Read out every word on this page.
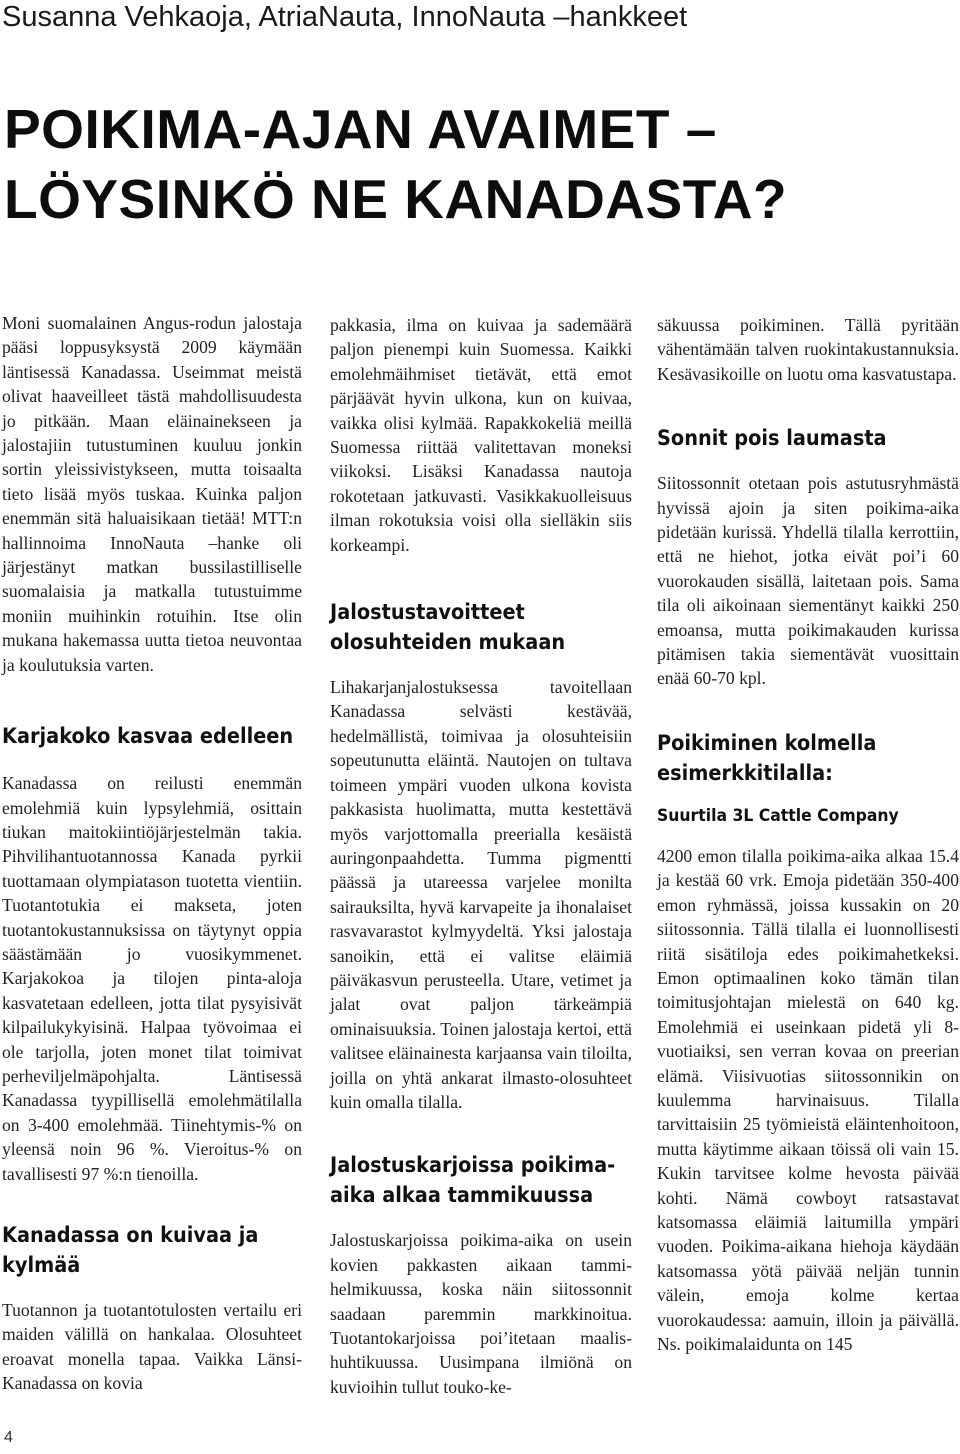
Susanna Vehkaoja, AtriaNauta, InnoNauta –hankkeet
POIKIMA-AJAN AVAIMET –
LÖYSINKÖ NE KANADASTA?

Moni suomalainen Angus-rodun jalostaja pääsi loppusyksystä 2009 käymään läntisessä Kanadassa. Useimmat meistä olivat haaveilleet tästä mahdollisuudesta jo pitkään. Maan eläinainekseen ja jalostajiin tutustuminen kuuluu jonkin sortin yleissivistykseen, mutta toisaalta tieto lisää myös tuskaa. Kuinka paljon enemmän sitä haluaisikaan tietää! MTT:n hallinnoima InnoNauta –hanke oli järjestänyt matkan bussilastilliselle suomalaisia ja matkalla tutustuimme moniin muihinkin rotuihin. Itse olin mukana hakemassa uutta tietoa neuvontaa ja koulutuksia varten.

Karjakoko kasvaa edelleen

Kanadassa on reilusti enemmän emolehmiä kuin lypsylehmiä, osittain tiukan maitokiintiöjärjestelmän takia. Pihvilihantuotannossa Kanada pyrkii tuottamaan olympiatason tuotetta vientiin. Tuotantotukia ei makseta, joten tuotantokustannuksissa on täytynyt oppia säästämään jo vuosikymmenet. Karjakokoa ja tilojen pinta-aloja kasvatetaan edelleen, jotta tilat pysyisivät kilpailukykyisinä. Halpaa työvoimaa ei ole tarjolla, joten monet tilat toimivat perheviljelmäpohjalta. Läntisessä Kanadassa tyypillisellä emolehmätilalla on 3-400 emolehmää. Tiinehtymis-% on yleensä noin 96 %. Vieroitus-% on tavallisesti 97 %:n tienoilla.

Kanadassa on kuivaa ja kylmää

Tuotannon ja tuotantotulosten vertailu eri maiden välillä on hankalaa. Olosuhteet eroavat monella tapaa. Vaikka Länsi-Kanadassa on kovia

pakkasia, ilma on kuivaa ja sademäärä paljon pienempi kuin Suomessa. Kaikki emolehmäihmiset tietävät, että emot pärjäävät hyvin ulkona, kun on kuivaa, vaikka olisi kylmää. Rapakkokeliä meillä Suomessa riittää valitettavan moneksi viikoksi. Lisäksi Kanadassa nautoja rokotetaan jatkuvasti. Vasikkakuolleisuus ilman rokotuksia voisi olla sielläkin siis korkeampi.

Jalostustavoitteet olosuhteiden mukaan

Lihakarjanjalostuksessa tavoitellaan Kanadassa selvästi kestävää, hedelmällistä, toimivaa ja olosuhteisiin sopeutunutta eläintä. Nautojen on tultava toimeen ympäri vuoden ulkona kovista pakkasista huolimatta, mutta kestettävä myös varjottomalla preerialla kesäistä auringonpaahdetta. Tumma pigmentti päässä ja utareessa varjelee monilta sairauksilta, hyvä karvapeite ja ihonalaiset rasvavarastot kylmyydeltä. Yksi jalostaja sanoikin, että ei valitse eläimiä päiväkasvun perusteella. Utare, vetimet ja jalat ovat paljon tärkeämpiä ominaisuuksia. Toinen jalostaja kertoi, että valitsee eläinainesta karjaansa vain tiloilta, joilla on yhtä ankarat ilmasto-olosuhteet kuin omalla tilalla.

Jalostuskarjoissa poikima-aika alkaa tammikuussa

Jalostuskarjoissa poikima-aika on usein kovien pakkasten aikaan tammi-helmikuussa, koska näin siitossonnit saadaan paremmin markkinoitua. Tuotantokarjoissa poi’itetaan maalis-huhtikuussa. Uusimpana ilmiönä on kuvioihin tullut touko-ke-

säkuussa poikiminen. Tällä pyritään vähentämään talven ruokintakustannuksia. Kesävasikoille on luotu oma kasvatustapa.

Sonnit pois laumasta

Siitossonnit otetaan pois astutusryhmästä hyvissä ajoin ja siten poikima-aika pidetään kurissä. Yhdellä tilalla kerrottiin, että ne hiehot, jotka eivät poi’i 60 vuorokauden sisällä, laitetaan pois. Sama tila oli aikoinaan siementänyt kaikki 250 emoansa, mutta poikimakauden kurissa pitämisen takia siementävät vuosittain enää 60-70 kpl.

Poikiminen kolmella esimerkkitilalla:
Suurtila 3L Cattle Company

4200 emon tilalla poikima-aika alkaa 15.4 ja kestää 60 vrk. Emoja pidetään 350-400 emon ryhmässä, joissa kussakin on 20 siitossonnia. Tällä tilalla ei luonnollisesti riitä sisätiloja edes poikimahetkeksi. Emon optimaalinen koko tämän tilan toimitusjohtajan mielestä on 640 kg. Emolehmiä ei useinkaan pidetä yli 8-vuotiaiksi, sen verran kovaa on preerian elämä. Viisivuotias siitossonnikin on kuulemma harvinaisuus. Tilalla tarvittaisiin 25 työmieistä eläintenhoitoon, mutta käytimme aikaan töissä oli vain 15. Kukin tarvitsee kolme hevosta päivää kohti. Nämä cowboyt ratsastavat katsomassa eläimiä laitumilla ympäri vuoden. Poikima-aikana hiehoja käydään katsomassa yötä päivää neljän tunnin välein, emoja kolme kertaa vuorokaudessa: aamuin, illoin ja päivällä. Ns. poikimalaidunta on 145

4
